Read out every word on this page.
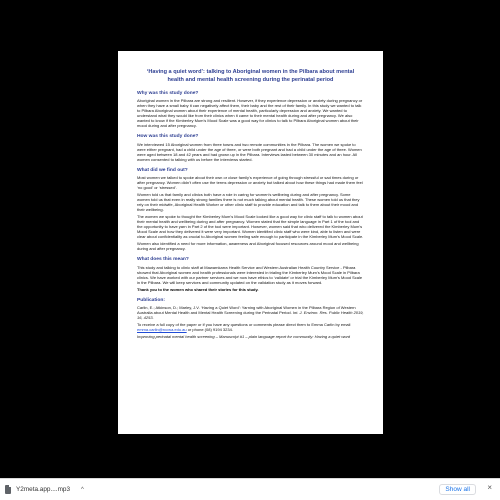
‘Having a quiet word’: talking to Aboriginal women in the Pilbara about mental health and mental health screening during the perinatal period
Why was this study done?
Aboriginal women in the Pilbara are strong and resilient. However, if they experience depression or anxiety during pregnancy or when they have a small baby it can negatively affect them, their baby and the rest of their family. In this study we wanted to talk to Pilbara Aboriginal women about their experience of mental health, particularly depression and anxiety. We wanted to understand what they would like from their clinics when it came to their mental health during and after pregnancy. We also wanted to know if the Kimberley Mum’s Mood Scale was a good way for clinics to talk to Pilbara Aboriginal women about their mood during and after pregnancy.
How was this study done?
We interviewed 15 Aboriginal women from three towns and two remote communities in the Pilbara. The women we spoke to were either pregnant, had a child under the age of three, or were both pregnant and had a child under the age of three. Women were aged between 18 and 42 years and had grown up in the Pilbara. Interviews lasted between 30 minutes and an hour. All women consented to talking with us before the interviews started.
What did we find out?
Most women we talked to spoke about their own or close family’s experience of going through stressful or sad times during or after pregnancy. Women didn’t often use the terms depression or anxiety but talked about how these things had made them feel ‘no good’ or ‘stressed’.
Women told us that family and clinics both have a role in caring for women’s wellbeing during and after pregnancy. Some women told us that even in really strong families there is not much talking about mental health. These women told us that they rely on their midwife, Aboriginal Health Worker or other clinic staff to provide education and talk to them about their mood and their wellbeing.
The women we spoke to thought the Kimberley Mum’s Mood Scale looked like a good way for clinic staff to talk to women about their mental health and wellbeing during and after pregnancy. Women stated that the simple language in Part 1 of the tool and the opportunity to have yarn in Part 2 of the tool were important. However, women said that who delivered the Kimberley Mum’s Mood Scale and how they delivered it were very important. Women identified clinic staff who were kind, able to listen and were clear about confidentiality as crucial to Aboriginal women feeling safe enough to participate in the Kimberley Mum’s Mood Scale.
Women also identified a need for more information, awareness and Aboriginal focused resources around mood and wellbeing during and after pregnancy.
What does this mean?
This study and talking to clinic staff at Mawarnkarra Health Service and Western Australian Health Country Service - Pilbara showed that Aboriginal women and health professionals were interested in trialing the Kimberley Mum’s Mood Scale in Pilbara clinics. We have worked with our partner services and we now have ethics to ‘validate’ or trial the Kimberley Mum’s Mood Scale in the Pilbara. We will keep services and community updated on the validation study as it moves forward.
Thank you to the women who shared their stories for this study.
Publication:
Carlin, E.; Atkinson, D.; Marley, J.V. ‘Having a Quiet Word’: Yarning with Aboriginal Women in the Pilbara Region of Western Australia about Mental Health and Mental Health Screening during the Perinatal Period. Int. J. Environ. Res. Public Health 2019, 16, 4253.
To receive a full copy of the paper or if you have any questions or comments please direct them to Emma Carlin by email emma.carlin@rccwa.edu.au or phone (08) 9194 3234.
Improving perinatal mental health screening – Manuscript #1 – plain language report for community: Having a quiet word
Y2meta.app....mp3 ^	Show all	×
